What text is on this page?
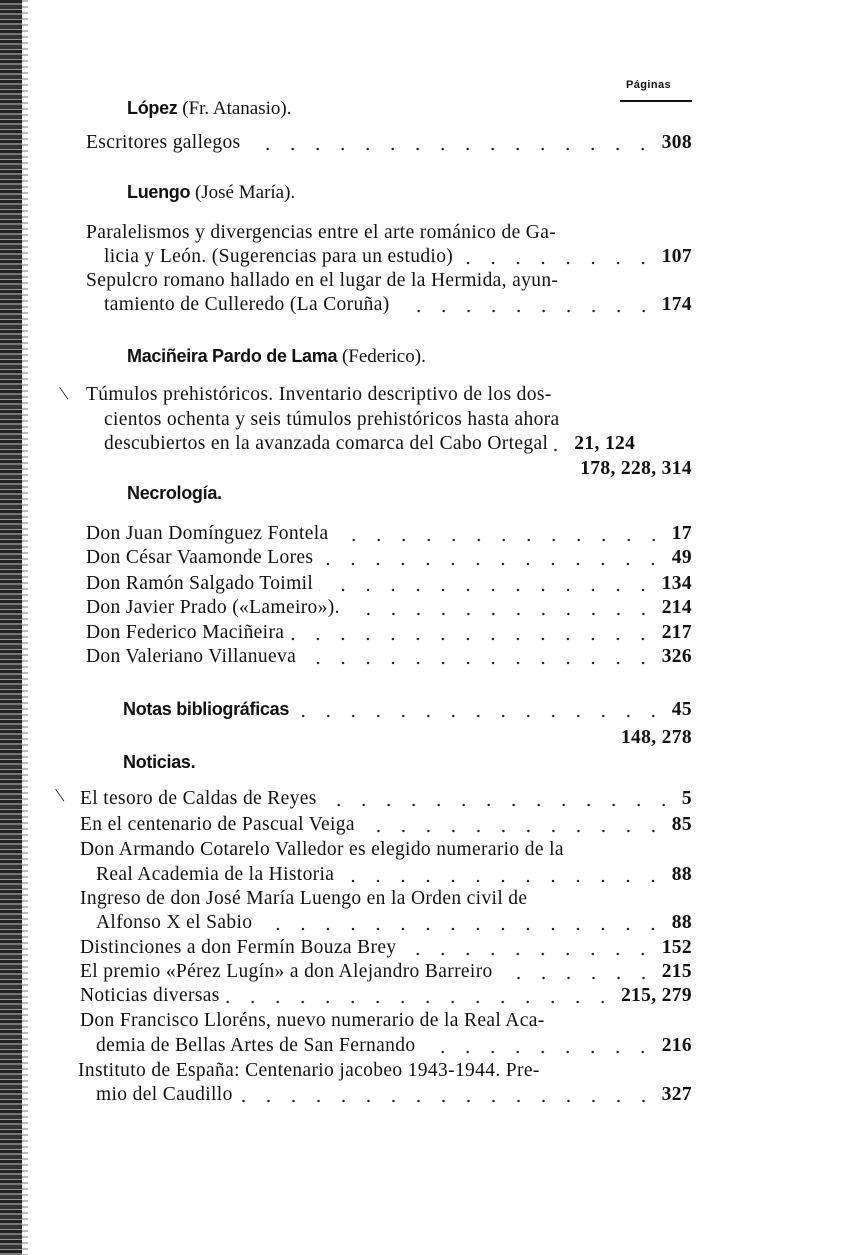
Páginas
López (Fr. Atanasio).
Escritores gallegos	308
Luengo (José María).
Paralelismos y divergencias entre el arte románico de Ga-
licia y León. (Sugerencias para un estudio)	107
Sepulcro romano hallado en el lugar de la Hermida, ayun-
tamiento de Culleredo (La Coruña)	174
Maciñeira Pardo de Lama (Federico).
| Túmulos prehistóricos. Inventario descriptivo de los dos-
cientos ochenta y seis túmulos prehistóricos hasta ahora
descubiertos en la avanzada comarca del Cabo Ortegal 21, 124
178, 228, 314
Necrología.
Don Juan Domínguez Fontela	17
Don César Vaamonde Lores	49
Don Ramón Salgado Toimil	134
Don Javier Prado («Lameiro»).	214
Don Federico Maciñeira	217
Don Valeriano Villanueva	326
Notas bibliográficas	45
148, 278
Noticias.
| El tesoro de Caldas de Reyes	5
En el centenario de Pascual Veiga	85
Don Armando Cotarelo Valledor es elegido numerario de la
Real Academia de la Historia	88
Ingreso de don José María Luengo en la Orden civil de
Alfonso X el Sabio	88
Distinciones a don Fermín Bouza Brey	152
El premio «Pérez Lugín» a don Alejandro Barreiro	215
Noticias diversas	215, 279
Don Francisco Lloréns, nuevo numerario de la Real Aca-
demia de Bellas Artes de San Fernando	216
Instituto de España: Centenario jacobeo 1943-1944. Pre-
mio del Caudillo	327
